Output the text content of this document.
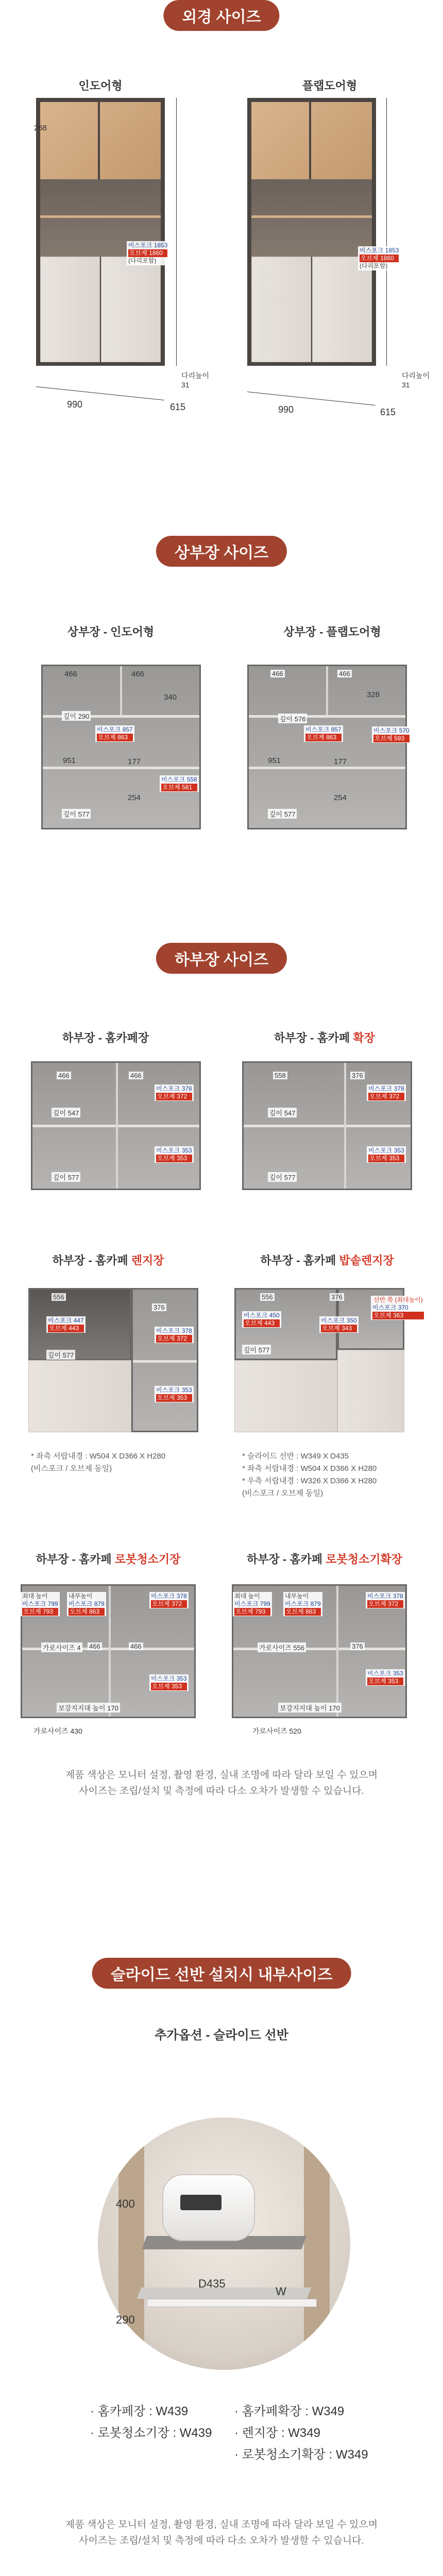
외경 사이즈
인도어형	플랩도어형
268
비스포크 1853
오브제 1860
(다리포함)
다리높이
31
990	615
비스포크 1853
오브제 1860
(다리포함)
다리높이
31
990	615
상부장 사이즈
상부장 - 인도어형	상부장 - 플랩도어형
466	466
340
깊이 290
비스포크 857
오브제 863
951	177
비스포크 558
오브제 581
254
깊이 577
466	466
328
깊이 576
비스포크 857
오브제 863
비스포크 570
오브제 593
951	177
254
깊이 577
하부장 사이즈
하부장 - 홈카페장	하부장 - 홈카페 확장
466	466
깊이 547
깊이 577
비스포크 378
오브제 372
비스포크 353
오브제 353
558	376
깊이 547
깊이 577
비스포크 378
오브제 372
비스포크 353
오브제 353
하부장 - 홈카페 렌지장	하부장 - 홈카페 밥솥렌지장
556
376
비스포크 447
오브제 443
깊이 577
비스포크 378
오브제 372
비스포크 353
오브제 353
* 좌측 서랍내경 : W504 X D366 X H280
(비스포크 / 오브제 동일)
556	376
비스포크 450
오브제 443	비스포크 350
오브제 343
깊이 577
선반 쪽 (최대높이)
비스포크 370
오브제 363
* 슬라이드 선반 : W349 X D435
* 좌측 서랍내경 : W504 X D366 X H280
* 우측 서랍내경 : W326 X D366 X H280
(비스포크 / 오브제 동일)
하부장 - 홈카페 로봇청소기장	하부장 - 홈카페 로봇청소기확장
최대 높이
비스포크 799
오브제 793
내부높이
비스포크 879
오브제 863
가로사이즈 4 466	466
비스포크 378
오브제 372
비스포크 353
오브제 353
보강지지대 높이 170
가로사이즈 430
최대 높이
비스포크 799
오브제 793
내부높이
비스포크 879
오브제 863
가로사이즈 556	376
비스포크 378
오브제 372
비스포크 353
오브제 353
보강지지대 높이 170
가로사이즈 520
제품 색상은 모니터 설정, 촬영 환경, 실내 조명에 따라 달라 보일 수 있으며
사이즈는 조립/설치 및 측정에 따라 다소 오차가 발생할 수 있습니다.
슬라이드 선반 설치시 내부사이즈
추가옵션 - 슬라이드 선반
400
290
D435
W
· 홈카페장 : W439
· 로봇청소기장 : W439
· 홈카페확장 : W349
· 렌지장 : W349
· 로봇청소기확장 : W349
제품 색상은 모니터 설정, 촬영 환경, 실내 조명에 따라 달라 보일 수 있으며
사이즈는 조립/설치 및 측정에 따라 다소 오차가 발생할 수 있습니다.
